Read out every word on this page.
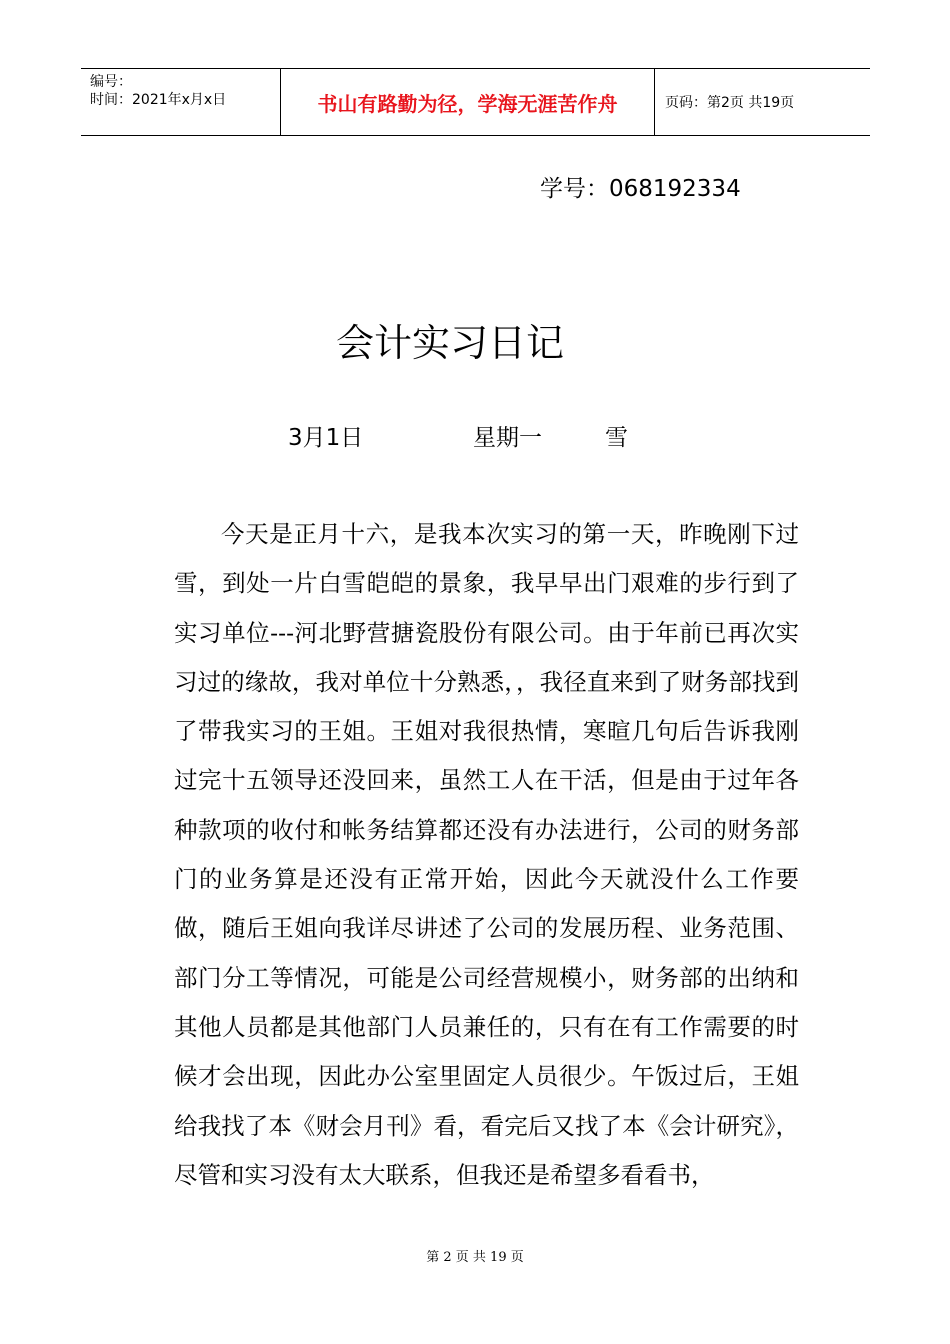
编号：
时间：2021年x月x日	书山有路勤为径，学海无涯苦作舟	页码：第2页 共19页
学号：068192334
会计实习日记
3月1日	星期一	雪

今天是正月十六，是我本次实习的第一天，昨晚刚下过雪，到处一片白雪皑皑的景象，我早早出门艰难的步行到了实习单位---河北野营搪瓷股份有限公司。由于年前已再次实习过的缘故，我对单位十分熟悉，，我径直来到了财务部找到了带我实习的王姐。王姐对我很热情，寒暄几句后告诉我刚过完十五领导还没回来，虽然工人在干活，但是由于过年各种款项的收付和帐务结算都还没有办法进行，公司的财务部门的业务算是还没有正常开始，因此今天就没什么工作要做，随后王姐向我详尽讲述了公司的发展历程、业务范围、部门分工等情况，可能是公司经营规模小，财务部的出纳和其他人员都是其他部门人员兼任的，只有在有工作需要的时候才会出现，因此办公室里固定人员很少。午饭过后，王姐给我找了本《财会月刊》看，看完后又找了本《会计研究》，尽管和实习没有太大联系，但我还是希望多看看书，

第 2 页 共 19 页
